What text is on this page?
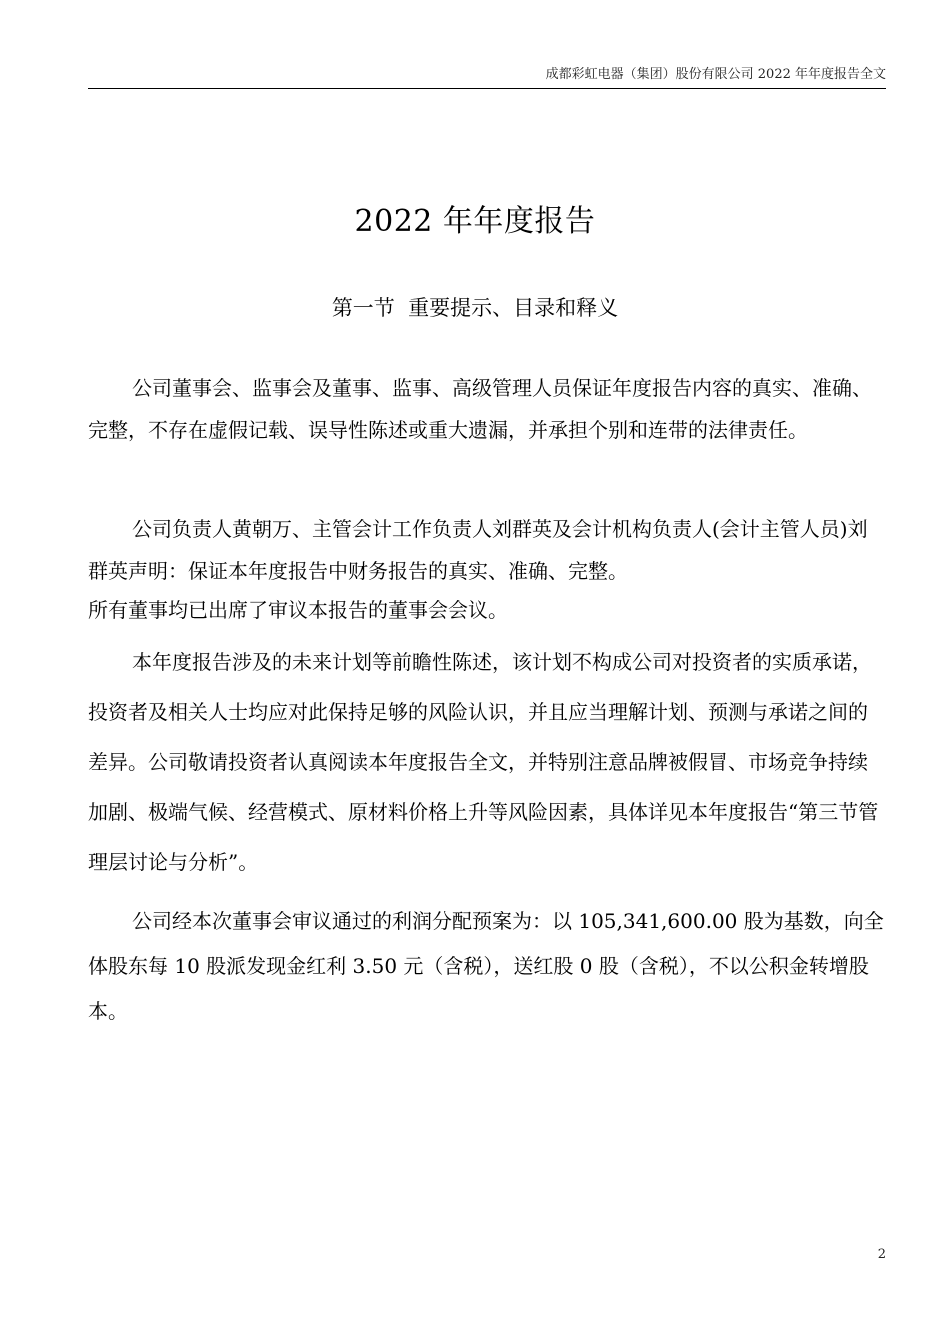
成都彩虹电器（集团）股份有限公司 2022 年年度报告全文
2022 年年度报告
第一节  重要提示、目录和释义

公司董事会、监事会及董事、监事、高级管理人员保证年度报告内容的真实、准确、完整，不存在虚假记载、误导性陈述或重大遗漏，并承担个别和连带的法律责任。

公司负责人黄朝万、主管会计工作负责人刘群英及会计机构负责人(会计主管人员)刘群英声明：保证本年度报告中财务报告的真实、准确、完整。

所有董事均已出席了审议本报告的董事会会议。

本年度报告涉及的未来计划等前瞻性陈述，该计划不构成公司对投资者的实质承诺，投资者及相关人士均应对此保持足够的风险认识，并且应当理解计划、预测与承诺之间的差异。公司敬请投资者认真阅读本年度报告全文，并特别注意品牌被假冒、市场竞争持续加剧、极端气候、经营模式、原材料价格上升等风险因素，具体详见本年度报告“第三节管理层讨论与分析”。

公司经本次董事会审议通过的利润分配预案为：以 105,341,600.00 股为基数，向全体股东每 10 股派发现金红利 3.50 元（含税），送红股 0 股（含税），不以公积金转增股本。

2
